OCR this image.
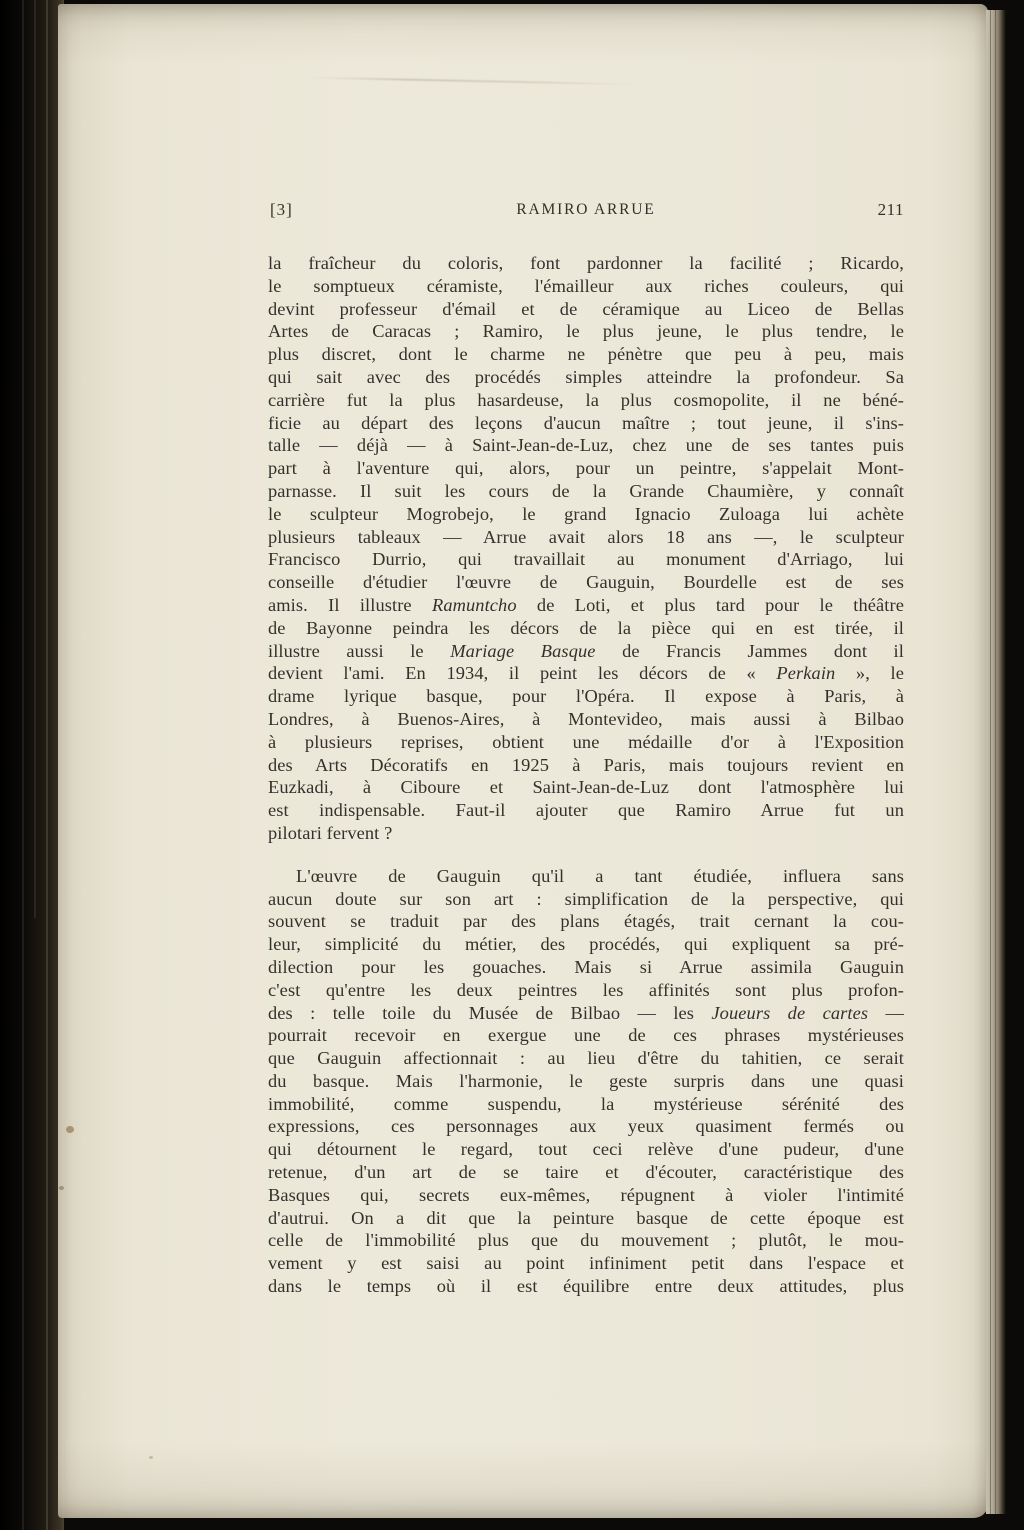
[3]	RAMIRO ARRUE	211
la fraîcheur du coloris, font pardonner la facilité ; Ricardo,
le somptueux céramiste, l'émailleur aux riches couleurs, qui
devint professeur d'émail et de céramique au Liceo de Bellas
Artes de Caracas ; Ramiro, le plus jeune, le plus tendre, le
plus discret, dont le charme ne pénètre que peu à peu, mais
qui sait avec des procédés simples atteindre la profondeur. Sa
carrière fut la plus hasardeuse, la plus cosmopolite, il ne béné-
ficie au départ des leçons d'aucun maître ; tout jeune, il s'ins-
talle — déjà — à Saint-Jean-de-Luz, chez une de ses tantes puis
part à l'aventure qui, alors, pour un peintre, s'appelait Mont-
parnasse. Il suit les cours de la Grande Chaumière, y connaît
le sculpteur Mogrobejo, le grand Ignacio Zuloaga lui achète
plusieurs tableaux — Arrue avait alors 18 ans —, le sculpteur
Francisco Durrio, qui travaillait au monument d'Arriago, lui
conseille d'étudier l'œuvre de Gauguin, Bourdelle est de ses
amis. Il illustre Ramuntcho de Loti, et plus tard pour le théâtre
de Bayonne peindra les décors de la pièce qui en est tirée, il
illustre aussi le Mariage Basque de Francis Jammes dont il
devient l'ami. En 1934, il peint les décors de « Perkain », le
drame lyrique basque, pour l'Opéra. Il expose à Paris, à
Londres, à Buenos-Aires, à Montevideo, mais aussi à Bilbao
à plusieurs reprises, obtient une médaille d'or à l'Exposition
des Arts Décoratifs en 1925 à Paris, mais toujours revient en
Euzkadi, à Ciboure et Saint-Jean-de-Luz dont l'atmosphère lui
est indispensable. Faut-il ajouter que Ramiro Arrue fut un
pilotari fervent ?
L'œuvre de Gauguin qu'il a tant étudiée, influera sans
aucun doute sur son art : simplification de la perspective, qui
souvent se traduit par des plans étagés, trait cernant la cou-
leur, simplicité du métier, des procédés, qui expliquent sa pré-
dilection pour les gouaches. Mais si Arrue assimila Gauguin
c'est qu'entre les deux peintres les affinités sont plus profon-
des : telle toile du Musée de Bilbao — les Joueurs de cartes —
pourrait recevoir en exergue une de ces phrases mystérieuses
que Gauguin affectionnait : au lieu d'être du tahitien, ce serait
du basque. Mais l'harmonie, le geste surpris dans une quasi
immobilité, comme suspendu, la mystérieuse sérénité des
expressions, ces personnages aux yeux quasiment fermés ou
qui détournent le regard, tout ceci relève d'une pudeur, d'une
retenue, d'un art de se taire et d'écouter, caractéristique des
Basques qui, secrets eux-mêmes, répugnent à violer l'intimité
d'autrui. On a dit que la peinture basque de cette époque est
celle de l'immobilité plus que du mouvement ; plutôt, le mou-
vement y est saisi au point infiniment petit dans l'espace et
dans le temps où il est équilibre entre deux attitudes, plus
